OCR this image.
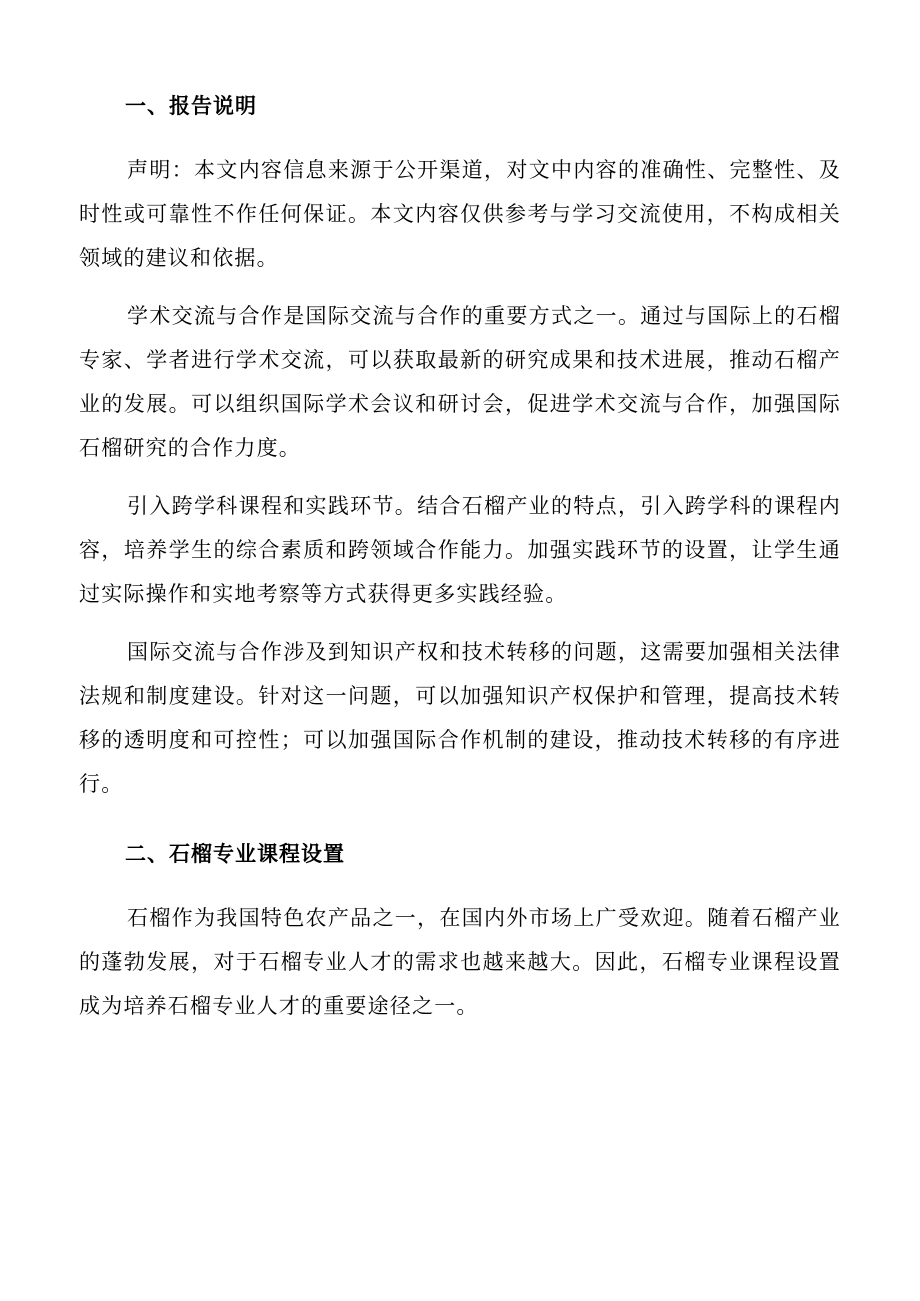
一、报告说明

声明：本文内容信息来源于公开渠道，对文中内容的准确性、完整性、及时性或可靠性不作任何保证。本文内容仅供参考与学习交流使用，不构成相关领域的建议和依据。

学术交流与合作是国际交流与合作的重要方式之一。通过与国际上的石榴专家、学者进行学术交流，可以获取最新的研究成果和技术进展，推动石榴产业的发展。可以组织国际学术会议和研讨会，促进学术交流与合作，加强国际石榴研究的合作力度。

引入跨学科课程和实践环节。结合石榴产业的特点，引入跨学科的课程内容，培养学生的综合素质和跨领域合作能力。加强实践环节的设置，让学生通过实际操作和实地考察等方式获得更多实践经验。

国际交流与合作涉及到知识产权和技术转移的问题，这需要加强相关法律法规和制度建设。针对这一问题，可以加强知识产权保护和管理，提高技术转移的透明度和可控性；可以加强国际合作机制的建设，推动技术转移的有序进行。

二、石榴专业课程设置

石榴作为我国特色农产品之一，在国内外市场上广受欢迎。随着石榴产业的蓬勃发展，对于石榴专业人才的需求也越来越大。因此，石榴专业课程设置成为培养石榴专业人才的重要途径之一。
